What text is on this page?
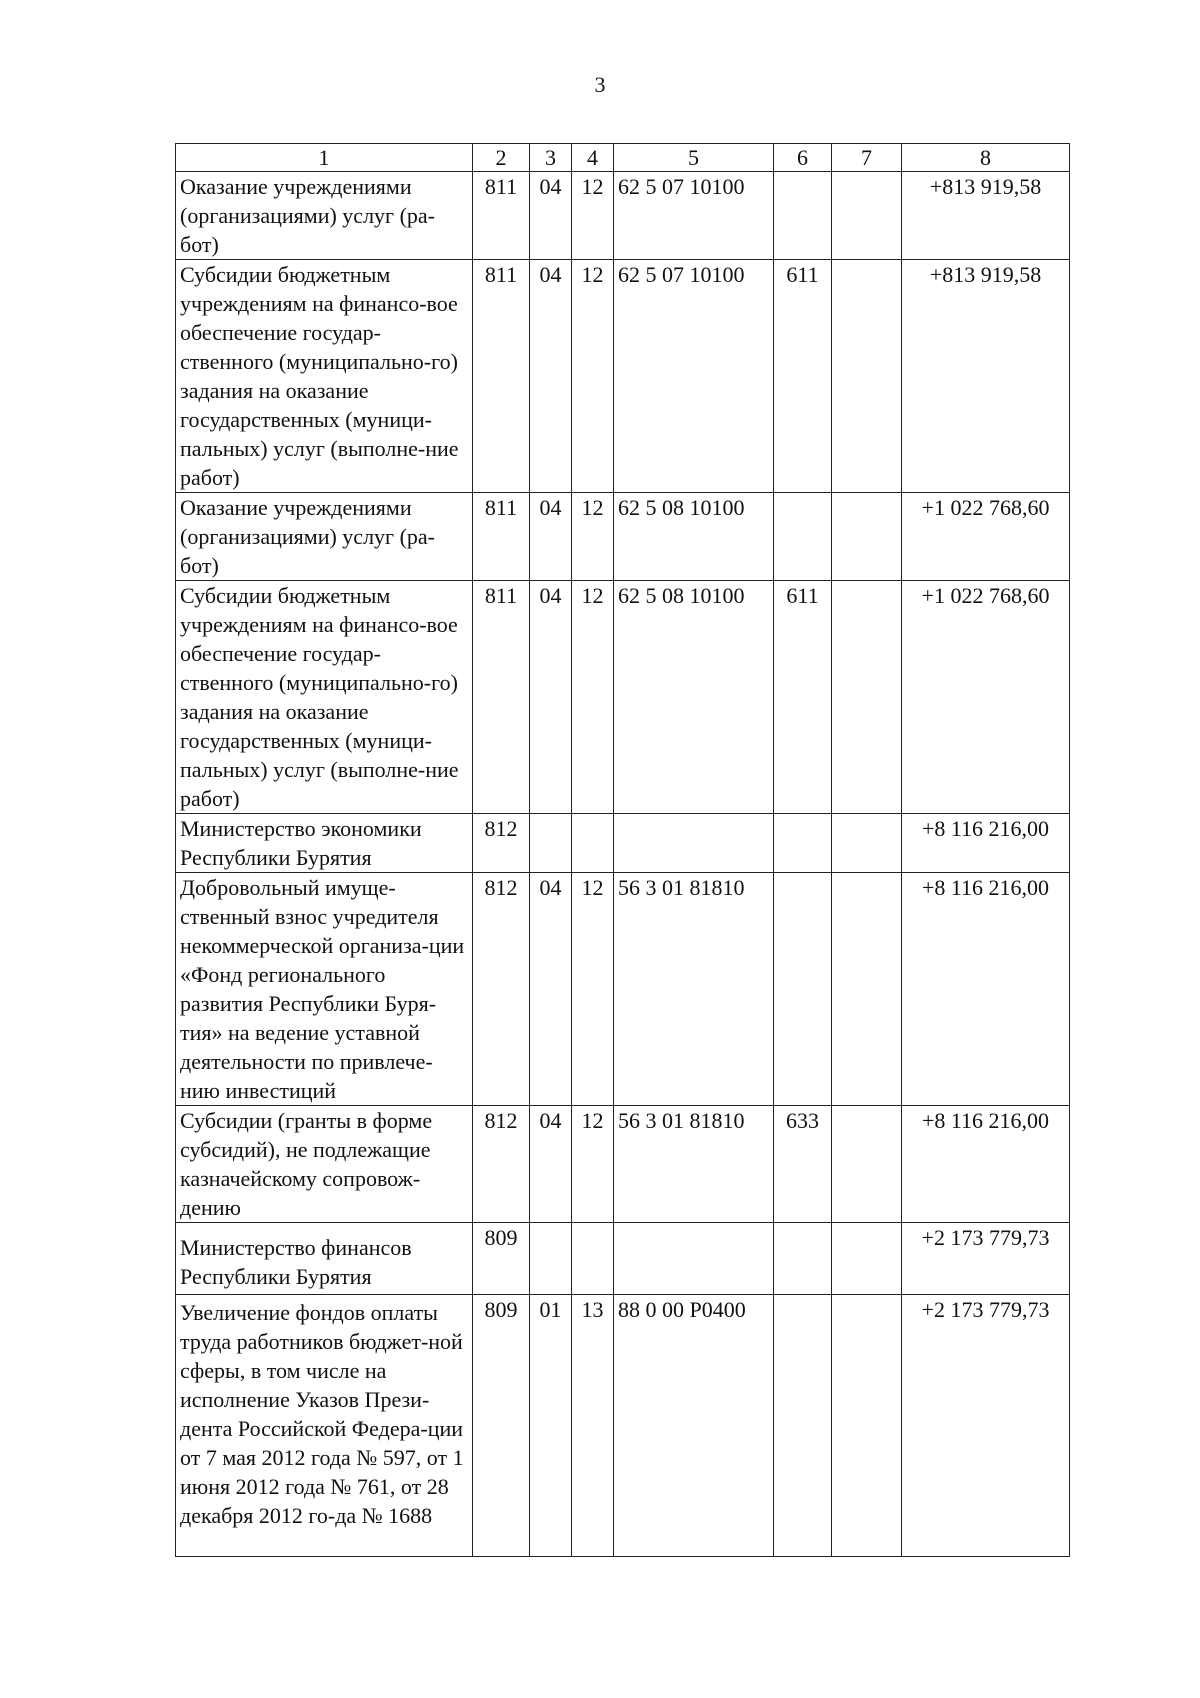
3
1	2	3	4	5	6	7	8
Оказание учреждениями (организациями) услуг (ра-бот)	811	04	12	62 5 07 10100			+813 919,58
Субсидии бюджетным учреждениям на финансо-вое обеспечение государ-ственного (муниципально-го) задания на оказание государственных (муници-пальных) услуг (выполне-ние работ)	811	04	12	62 5 07 10100	611		+813 919,58
Оказание учреждениями (организациями) услуг (ра-бот)	811	04	12	62 5 08 10100			+1 022 768,60
Субсидии бюджетным учреждениям на финансо-вое обеспечение государ-ственного (муниципально-го) задания на оказание государственных (муници-пальных) услуг (выполне-ние работ)	811	04	12	62 5 08 10100	611		+1 022 768,60
Министерство экономики Республики Бурятия	812						+8 116 216,00
Добровольный имуще-ственный взнос учредителя некоммерческой организа-ции «Фонд регионального развития Республики Буря-тия» на ведение уставной деятельности по привлече-нию инвестиций	812	04	12	56 3 01 81810			+8 116 216,00
Субсидии (гранты в форме субсидий), не подлежащие казначейскому сопровож-дению	812	04	12	56 3 01 81810	633		+8 116 216,00
Министерство финансов Республики Бурятия	809						+2 173 779,73
Увеличение фондов оплаты труда работников бюджет-ной сферы, в том числе на исполнение Указов Прези-дента Российской Федера-ции от 7 мая 2012 года № 597, от 1 июня 2012 года № 761, от 28 декабря 2012 го-да № 1688	809	01	13	88 0 00 Р0400			+2 173 779,73
